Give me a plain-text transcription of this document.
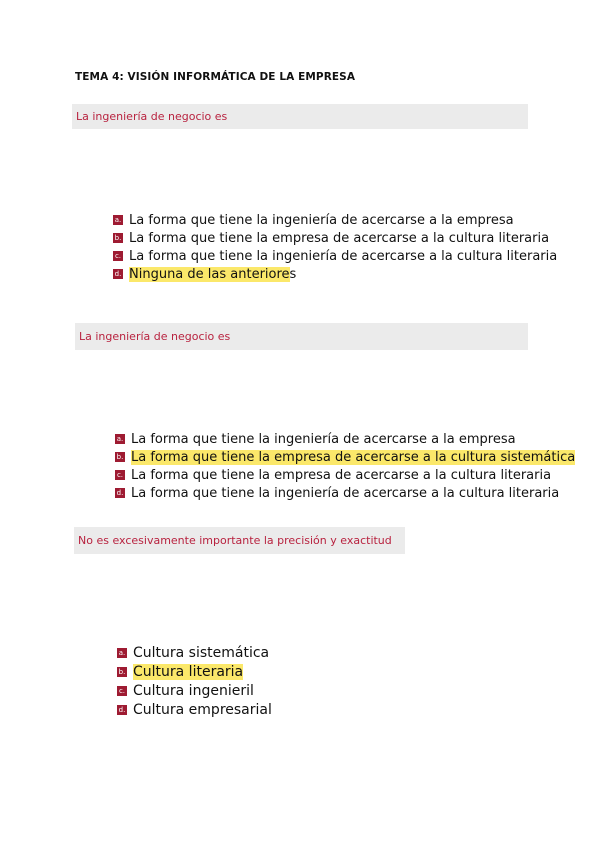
TEMA 4: VISIÓN INFORMÁTICA DE LA EMPRESA
La ingeniería de negocio es
a. La forma que tiene la ingeniería de acercarse a la empresa
b. La forma que tiene la empresa de acercarse a la cultura literaria
c. La forma que tiene la ingeniería de acercarse a la cultura literaria
d. Ninguna de las anteriore s
La ingeniería de negocio es
a. La forma que tiene la ingeniería de acercarse a la empresa
b. La forma que tiene la empresa de acercarse a la cultura sistemática
c. La forma que tiene la empresa de acercarse a la cultura literaria
d. La forma que tiene la ingeniería de acercarse a la cultura literaria
No es excesivamente importante la precisión y exactitud
a. Cultura sistemática
b. Cultura literaria
c. Cultura ingenieril
d. Cultura empresarial
